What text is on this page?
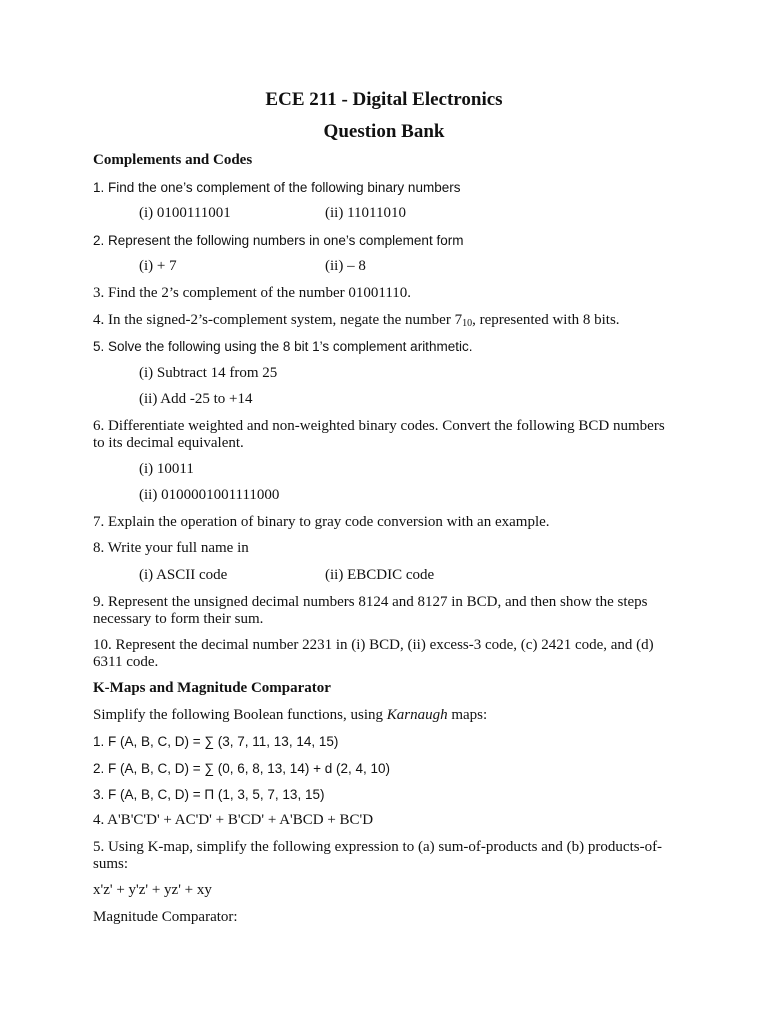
ECE 211 - Digital Electronics
Question Bank

Complements and Codes

1. Find the one’s complement of the following binary numbers

(i) 0100111001	(ii) 11011010

2. Represent the following numbers in one’s complement form

(i) + 7	(ii) – 8

3. Find the 2’s complement of the number 01001110.

4. In the signed-2’s-complement system, negate the number $7_{10}$, represented with 8 bits.

5. Solve the following using the 8 bit 1’s complement arithmetic.

(i) Subtract 14 from 25

(ii) Add -25 to +14

6. Differentiate weighted and non-weighted binary codes. Convert the following BCD numbers to its decimal equivalent.

(i) 10011

(ii) 0100001001111000

7. Explain the operation of binary to gray code conversion with an example.

8. Write your full name in

(i) ASCII code	(ii) EBCDIC code

9. Represent the unsigned decimal numbers 8124 and 8127 in BCD, and then show the steps necessary to form their sum.

10. Represent the decimal number 2231 in (i) BCD, (ii) excess-3 code, (c) 2421 code, and (d) 6311 code.

K-Maps and Magnitude Comparator

Simplify the following Boolean functions, using Karnaugh maps:

1. F (A, B, C, D) = ∑ (3, 7, 11, 13, 14, 15)

2. F (A, B, C, D) = ∑ (0, 6, 8, 13, 14) + d (2, 4, 10)

3. F (A, B, C, D) = Π (1, 3, 5, 7, 13, 15)

4. A'B'C'D' + AC'D' + B'CD' + A'BCD + BC'D

5. Using K-map, simplify the following expression to (a) sum-of-products and (b) products-of-sums:

x'z' + y'z' + yz' + xy

Magnitude Comparator:
